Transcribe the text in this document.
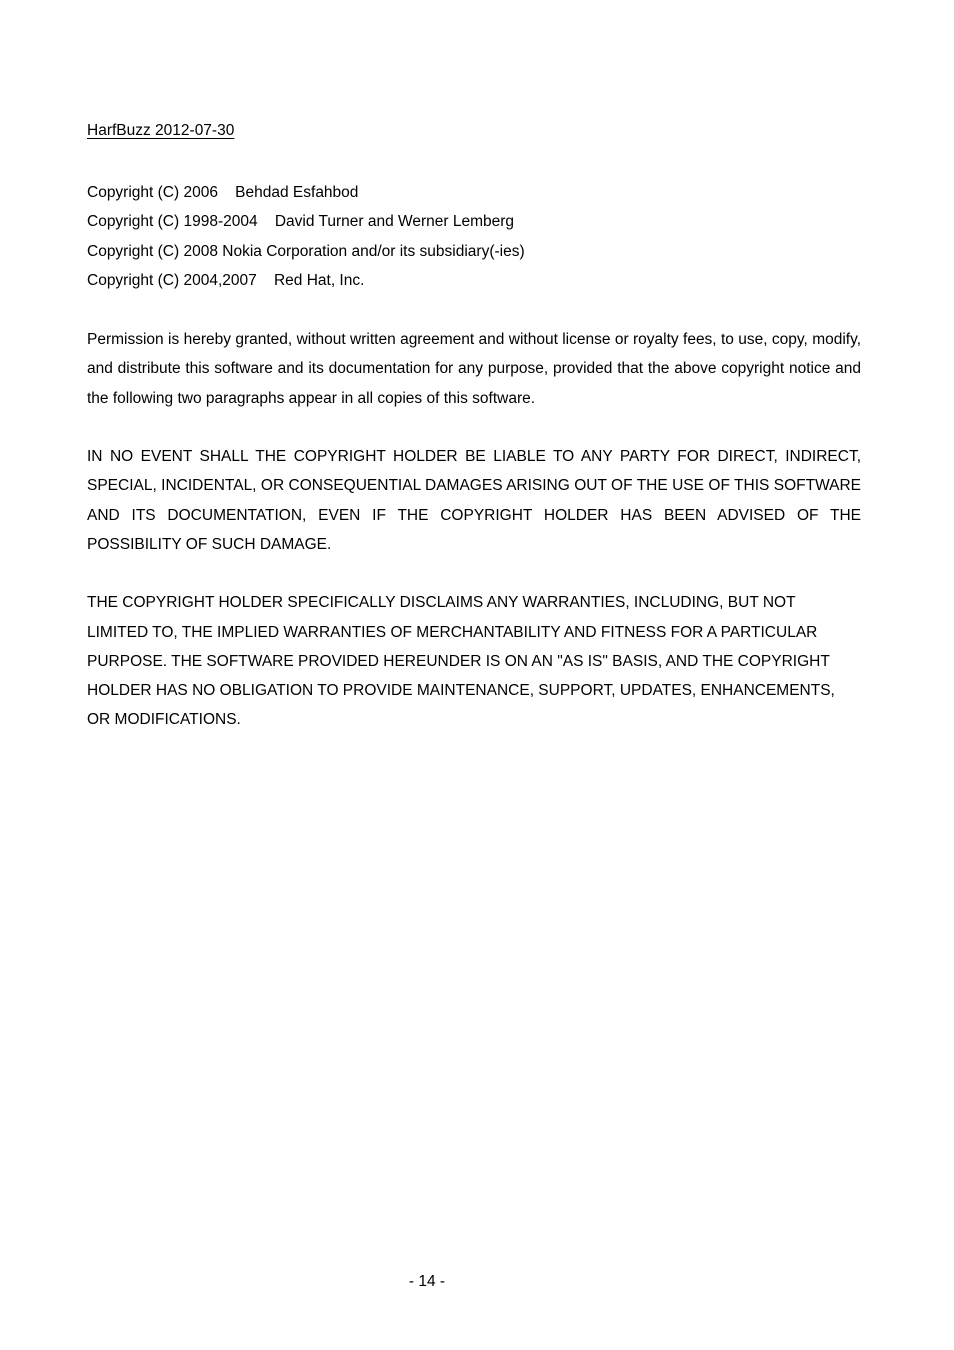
HarfBuzz 2012-07-30
Copyright (C) 2006    Behdad Esfahbod
Copyright (C) 1998-2004    David Turner and Werner Lemberg
Copyright (C) 2008 Nokia Corporation and/or its subsidiary(-ies)
Copyright (C) 2004,2007    Red Hat, Inc.
Permission is hereby granted, without written agreement and without license or royalty fees, to use, copy, modify, and distribute this software and its documentation for any purpose, provided that the above copyright notice and the following two paragraphs appear in all copies of this software.
IN NO EVENT SHALL THE COPYRIGHT HOLDER BE LIABLE TO ANY PARTY FOR DIRECT, INDIRECT, SPECIAL, INCIDENTAL, OR CONSEQUENTIAL DAMAGES ARISING OUT OF THE USE OF THIS SOFTWARE AND ITS DOCUMENTATION, EVEN IF THE COPYRIGHT HOLDER HAS BEEN ADVISED OF THE POSSIBILITY OF SUCH DAMAGE.
THE COPYRIGHT HOLDER SPECIFICALLY DISCLAIMS ANY WARRANTIES, INCLUDING, BUT NOT
LIMITED TO, THE IMPLIED WARRANTIES OF MERCHANTABILITY AND FITNESS FOR A PARTICULAR
PURPOSE. THE SOFTWARE PROVIDED HEREUNDER IS ON AN "AS IS" BASIS, AND THE COPYRIGHT
HOLDER HAS NO OBLIGATION TO PROVIDE MAINTENANCE, SUPPORT, UPDATES, ENHANCEMENTS,
OR MODIFICATIONS.
- 14 -
